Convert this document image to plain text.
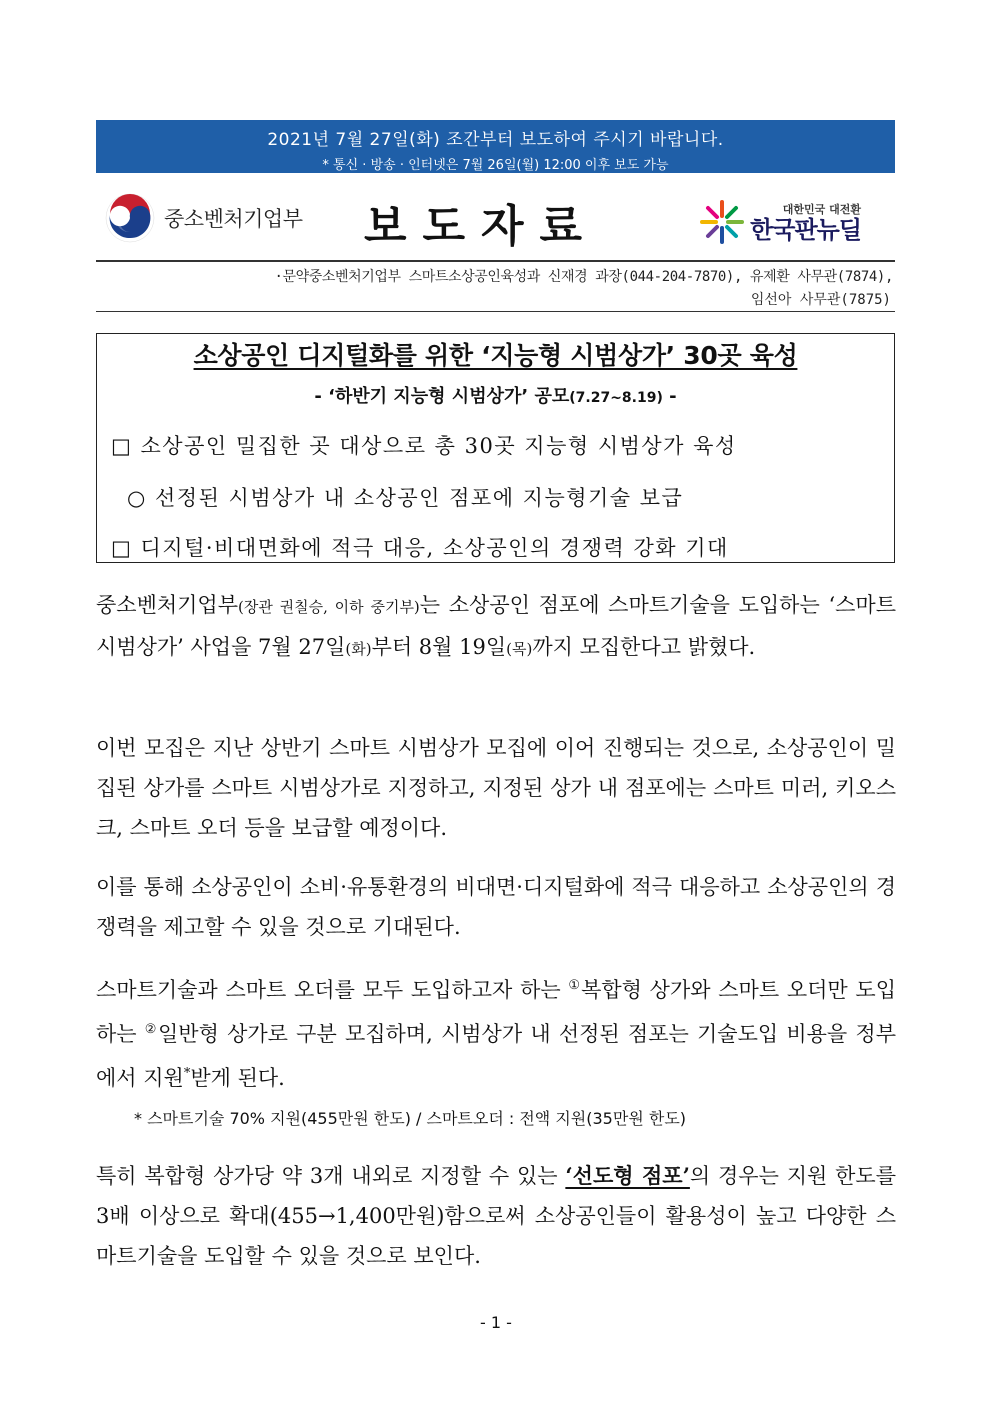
2021년 7월 27일(화) 조간부터 보도하여 주시기 바랍니다.
* 통신 · 방송 · 인터넷은 7월 26일(월) 12:00 이후 보도 가능
중소벤처기업부 보도자료	대한민국 대전환
한국판뉴딜
·문약중소벤처기업부 스마트소상공인육성과 신재경 과장(044-204-7870), 유제환 사무관(7874),
임선아 사무관(7875)
소상공인 디지털화를 위한 ‘지능형 시범상가’ 30곳 육성
- ‘하반기 지능형 시범상가’ 공모(7.27~8.19) -
□ 소상공인 밀집한 곳 대상으로 총 30곳 지능형 시범상가 육성
○ 선정된 시범상가 내 소상공인 점포에 지능형기술 보급
□ 디지털·비대면화에 적극 대응, 소상공인의 경쟁력 강화 기대
중소벤처기업부(장관 권칠승, 이하 중기부)는 소상공인 점포에 스마트기술을 도입하는 ‘스마트 시범상가’ 사업을 7월 27일(화)부터 8월 19일(목)까지 모집한다고 밝혔다.
이번 모집은 지난 상반기 스마트 시범상가 모집에 이어 진행되는 것으로, 소상공인이 밀집된 상가를 스마트 시범상가로 지정하고, 지정된 상가 내 점포에는 스마트 미러, 키오스크, 스마트 오더 등을 보급할 예정이다.
이를 통해 소상공인이 소비·유통환경의 비대면·디지털화에 적극 대응하고 소상공인의 경쟁력을 제고할 수 있을 것으로 기대된다.
스마트기술과 스마트 오더를 모두 도입하고자 하는 ①복합형 상가와 스마트 오더만 도입하는 ②일반형 상가로 구분 모집하며, 시범상가 내 선정된 점포는 기술도입 비용을 정부에서 지원*받게 된다.
* 스마트기술 70% 지원(455만원 한도) / 스마트오더 : 전액 지원(35만원 한도)
특히 복합형 상가당 약 3개 내외로 지정할 수 있는 ‘선도형 점포’의 경우는 지원 한도를 3배 이상으로 확대(455→1,400만원)함으로써 소상공인들이 활용성이 높고 다양한 스마트기술을 도입할 수 있을 것으로 보인다.
- 1 -
